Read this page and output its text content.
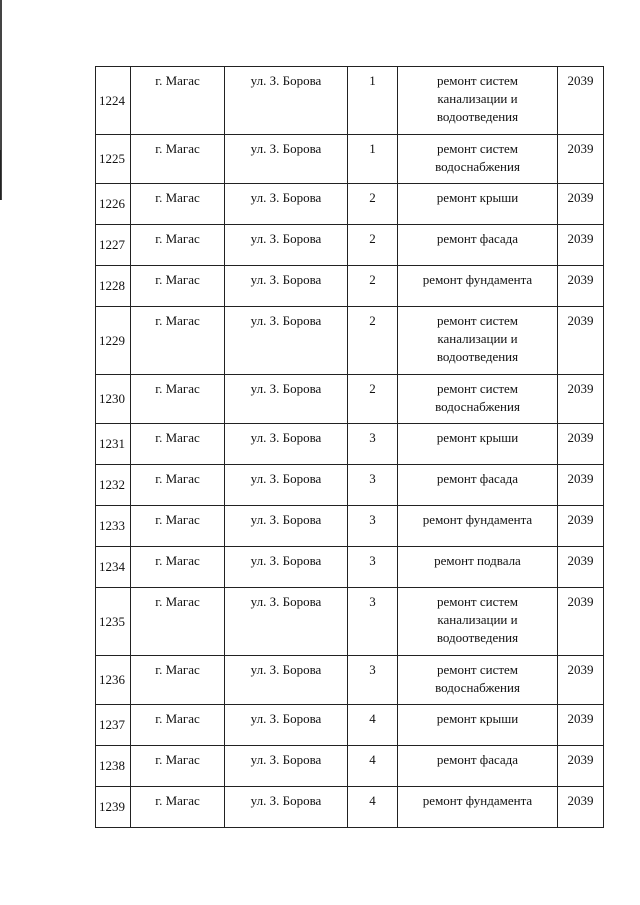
1224	г. Магас	ул. З. Борова	1	ремонт систем канализации и водоотведения	2039
1225	г. Магас	ул. З. Борова	1	ремонт систем водоснабжения	2039
1226	г. Магас	ул. З. Борова	2	ремонт крыши	2039
1227	г. Магас	ул. З. Борова	2	ремонт фасада	2039
1228	г. Магас	ул. З. Борова	2	ремонт фундамента	2039
1229	г. Магас	ул. З. Борова	2	ремонт систем канализации и водоотведения	2039
1230	г. Магас	ул. З. Борова	2	ремонт систем водоснабжения	2039
1231	г. Магас	ул. З. Борова	3	ремонт крыши	2039
1232	г. Магас	ул. З. Борова	3	ремонт фасада	2039
1233	г. Магас	ул. З. Борова	3	ремонт фундамента	2039
1234	г. Магас	ул. З. Борова	3	ремонт подвала	2039
1235	г. Магас	ул. З. Борова	3	ремонт систем канализации и водоотведения	2039
1236	г. Магас	ул. З. Борова	3	ремонт систем водоснабжения	2039
1237	г. Магас	ул. З. Борова	4	ремонт крыши	2039
1238	г. Магас	ул. З. Борова	4	ремонт фасада	2039
1239	г. Магас	ул. З. Борова	4	ремонт фундамента	2039
